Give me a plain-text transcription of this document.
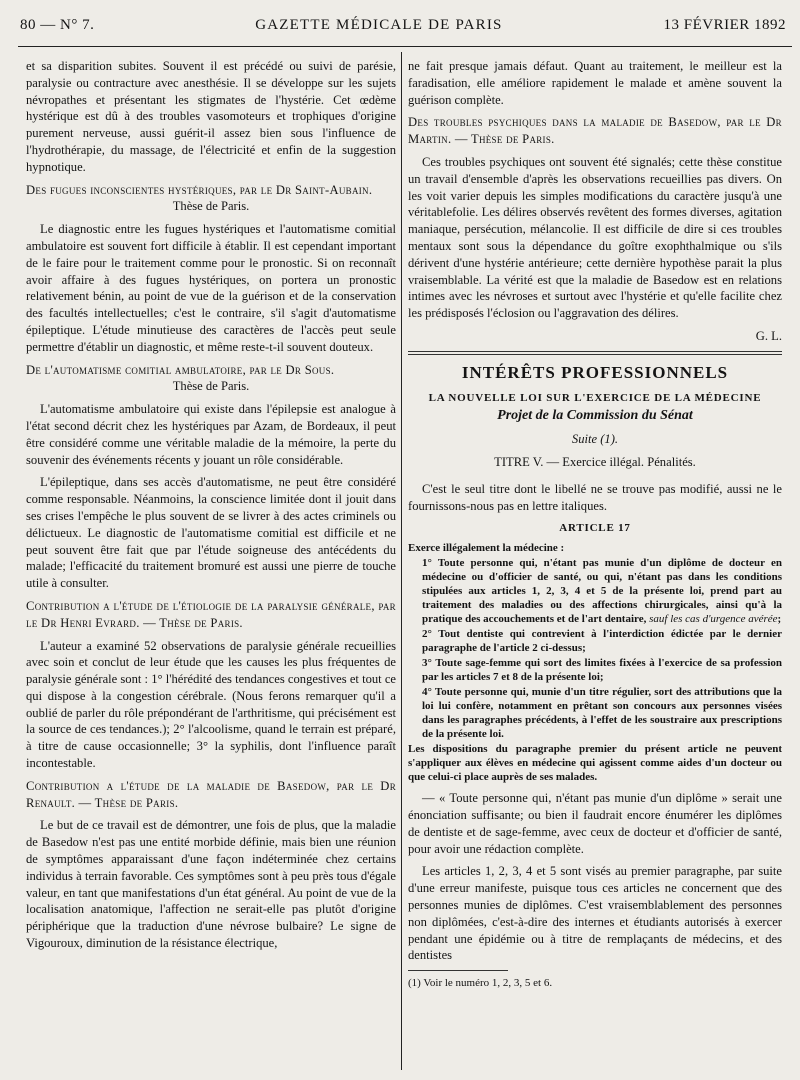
80 — N° 7.	GAZETTE MÉDICALE DE PARIS	13 FÉVRIER 1892

et sa disparition subites. Souvent il est précédé ou suivi de parésie, paralysie ou contracture avec anesthésie. Il se développe sur les sujets névropathes et présentant les stigmates de l'hystérie. Cet œdème hystérique est dû à des troubles vasomoteurs et trophiques d'origine purement nerveuse, aussi guérit-il assez bien sous l'influence de l'hydrothérapie, du massage, de l'électricité et enfin de la suggestion hypnotique.

Des fugues inconscientes hystériques, par le Dr Saint-Aubain.
Thèse de Paris.

Le diagnostic entre les fugues hystériques et l'automatisme comitial ambulatoire est souvent fort difficile à établir. Il est cependant important de le faire pour le traitement comme pour le pronostic. Si on reconnaît avoir affaire à des fugues hystériques, on portera un pronostic relativement bénin, au point de vue de la guérison et de la conservation des facultés intellectuelles; c'est le contraire, s'il s'agit d'automatisme épileptique. L'étude minutieuse des caractères de l'accès peut seule permettre d'établir un diagnostic, et même reste-t-il souvent douteux.

De l'automatisme comitial ambulatoire, par le Dr Sous.
Thèse de Paris.

L'automatisme ambulatoire qui existe dans l'épilepsie est analogue à l'état second décrit chez les hystériques par Azam, de Bordeaux, il peut être considéré comme une véritable maladie de la mémoire, la perte du souvenir des événements récents y jouant un rôle considérable.

L'épileptique, dans ses accès d'automatisme, ne peut être considéré comme responsable. Néanmoins, la conscience limitée dont il jouit dans ses crises l'empêche le plus souvent de se livrer à des actes criminels ou délictueux. Le diagnostic de l'automatisme comitial est difficile et ne peut souvent être fait que par l'étude soigneuse des antécédents du malade; l'efficacité du traitement bromuré est aussi une pierre de touche utile à consulter.

Contribution a l'étude de l'étiologie de la paralysie générale, par le Dr Henri Evrard. — Thèse de Paris.

L'auteur a examiné 52 observations de paralysie générale recueillies avec soin et conclut de leur étude que les causes les plus fréquentes de paralysie générale sont : 1° l'hérédité des tendances congestives et tout ce qui dispose à la congestion cérébrale. (Nous ferons remarquer qu'il a oublié de parler du rôle prépondérant de l'arthritisme, qui précisément est la source de ces tendances.); 2° l'alcoolisme, quand le terrain est préparé, à titre de cause occasionnelle; 3° la syphilis, dont l'influence paraît incontestable.

Contribution a l'étude de la maladie de Basedow, par le Dr Renault. — Thèse de Paris.

Le but de ce travail est de démontrer, une fois de plus, que la maladie de Basedow n'est pas une entité morbide définie, mais bien une réunion de symptômes apparaissant d'une façon indéterminée chez certains individus à terrain favorable. Ces symptômes sont à peu près tous d'égale valeur, en tant que manifestations d'un état général. Au point de vue de la localisation anatomique, l'affection ne serait-elle pas plutôt d'origine périphérique que la traduction d'une névrose bulbaire? Le signe de Vigouroux, diminution de la résistance électrique,

ne fait presque jamais défaut. Quant au traitement, le meilleur est la faradisation, elle améliore rapidement le malade et amène souvent la guérison complète.

Des troubles psychiques dans la maladie de Basedow, par le Dr Martin. — Thèse de Paris.

Ces troubles psychiques ont souvent été signalés; cette thèse constitue un travail d'ensemble d'après les observations recueillies pas divers. On les voit varier depuis les simples modifications du caractère jusqu'à une véritablefolie. Les délires observés revêtent des formes diverses, agitation maniaque, persécution, mélancolie. Il est difficile de dire si ces troubles mentaux sont sous la dépendance du goître exophthalmique ou s'ils dérivent d'une hystérie antérieure; cette dernière hypothèse parait la plus vraisemblable. La vérité est que la maladie de Basedow est en relations intimes avec les névroses et surtout avec l'hystérie et qu'elle facilite chez les prédisposés l'éclosion ou l'aggravation des délires.

G. L.

INTÉRÊTS PROFESSIONNELS
LA NOUVELLE LOI SUR L'EXERCICE DE LA MÉDECINE
Projet de la Commission du Sénat
Suite (1).
TITRE V. — Exercice illégal. Pénalités.

C'est le seul titre dont le libellé ne se trouve pas modifié, aussi ne le fournissons-nous pas en lettre italiques.

ARTICLE 17

Exerce illégalement la médecine :

1° Toute personne qui, n'étant pas munie d'un diplôme de docteur en médecine ou d'officier de santé, ou qui, n'étant pas dans les conditions stipulées aux articles 1, 2, 3, 4 et 5 de la présente loi, prend part au traitement des maladies ou des affections chirurgicales, ainsi qu'à la pratique des accouchements et de l'art dentaire, sauf les cas d'urgence avérée;

2° Tout dentiste qui contrevient à l'interdiction édictée par le dernier paragraphe de l'article 2 ci-dessus;

3° Toute sage-femme qui sort des limites fixées à l'exercice de sa profession par les articles 7 et 8 de la présente loi;

4° Toute personne qui, munie d'un titre régulier, sort des attributions que la loi lui confère, notamment en prêtant son concours aux personnes visées dans les paragraphes précédents, à l'effet de les soustraire aux prescriptions de la présente loi.

Les dispositions du paragraphe premier du présent article ne peuvent s'appliquer aux élèves en médecine qui agissent comme aides d'un docteur ou que celui-ci place auprès de ses malades.

— « Toute personne qui, n'étant pas munie d'un diplôme » serait une énonciation suffisante; ou bien il faudrait encore énumérer les diplômes de dentiste et de sage-femme, avec ceux de docteur et d'officier de santé, pour avoir une rédaction complète.

Les articles 1, 2, 3, 4 et 5 sont visés au premier paragraphe, par suite d'une erreur manifeste, puisque tous ces articles ne concernent que des personnes munies de diplômes. C'est vraisemblablement des personnes non diplômées, c'est-à-dire des internes et étudiants autorisés à exercer pendant une épidémie ou à titre de remplaçants de médecins, et des dentistes

(1) Voir le numéro 1, 2, 3, 5 et 6.
